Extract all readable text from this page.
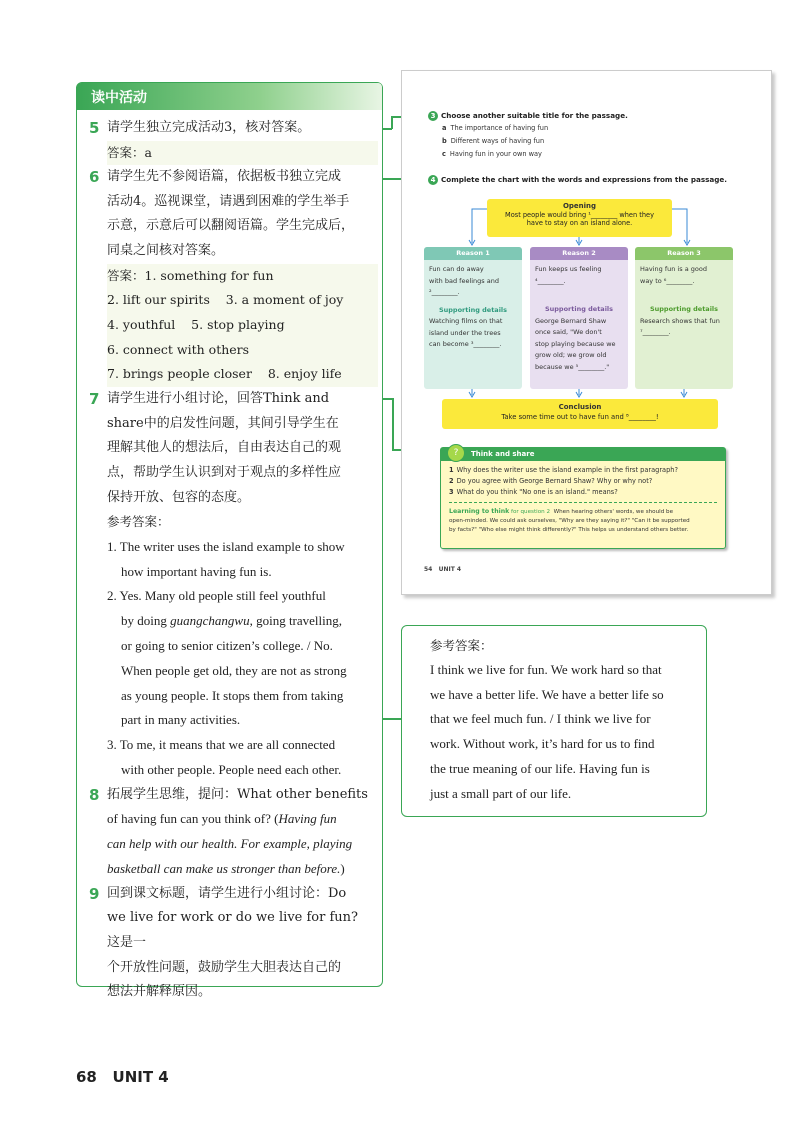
读中活动
5 请学生独立完成活动3，核对答案。
答案：a
6 请学生先不参阅语篇，依据板书独立完成
活动4。巡视课堂，请遇到困难的学生举手
示意，示意后可以翻阅语篇。学生完成后，
同桌之间核对答案。
答案：1. something for fun
2. lift our spirits    3. a moment of joy
4. youthful    5. stop playing
6. connect with others
7. brings people closer    8. enjoy life
7 请学生进行小组讨论，回答Think and
share中的启发性问题，其间引导学生在
理解其他人的想法后，自由表达自己的观
点，帮助学生认识到对于观点的多样性应
保持开放、包容的态度。
参考答案：
1. The writer uses the island example to show
how important having fun is.
2. Yes. Many old people still feel youthful
by doing guangchangwu, going travelling,
or going to senior citizen’s college. / No.
When people get old, they are not as strong
as young people. It stops them from taking
part in many activities.
3. To me, it means that we are all connected
with other people. People need each other.
8 拓展学生思维，提问：What other benefits
of having fun can you think of? (Having fun
can help with our health. For example, playing
basketball can make us stronger than before.)
9 回到课文标题，请学生进行小组讨论：Do
we live for work or do we live for fun? 这是一
个开放性问题，鼓励学生大胆表达自己的
想法并解释原因。
3 Choose another suitable title for the passage.
a The importance of having fun
b Different ways of having fun
c Having fun in your own way
4 Complete the chart with the words and expressions from the passage.
Opening
Most people would bring ¹________ when they
have to stay on an island alone.
Reason 1
Fun can do away
with bad feelings and
²________.
Supporting details
Watching films on that
island under the trees
can become ³________.
Reason 2
Fun keeps us feeling
⁴________.
Supporting details
George Bernard Shaw
once said, "We don't
stop playing because we
grow old; we grow old
because we ⁵________."
Reason 3
Having fun is a good
way to ⁶________.
Supporting details
Research shows that fun
⁷________.
Conclusion
Take some time out to have fun and ⁸________!
?	Think and share
1 Why does the writer use the island example in the first paragraph?
2 Do you agree with George Bernard Shaw? Why or why not?
3 What do you think "No one is an island." means?
Learning to think for question 2 When hearing others' words, we should be
open-minded. We could ask ourselves, "Why are they saying it?" "Can it be supported
by facts?" "Who else might think differently?" This helps us understand others better.
54   UNIT 4
参考答案：

I think we live for fun. We work hard so that

we have a better life. We have a better life so

that we feel much fun. / I think we live for

work. Without work, it’s hard for us to find

the true meaning of our life. Having fun is

just a small part of our life.

68   UNIT 4
